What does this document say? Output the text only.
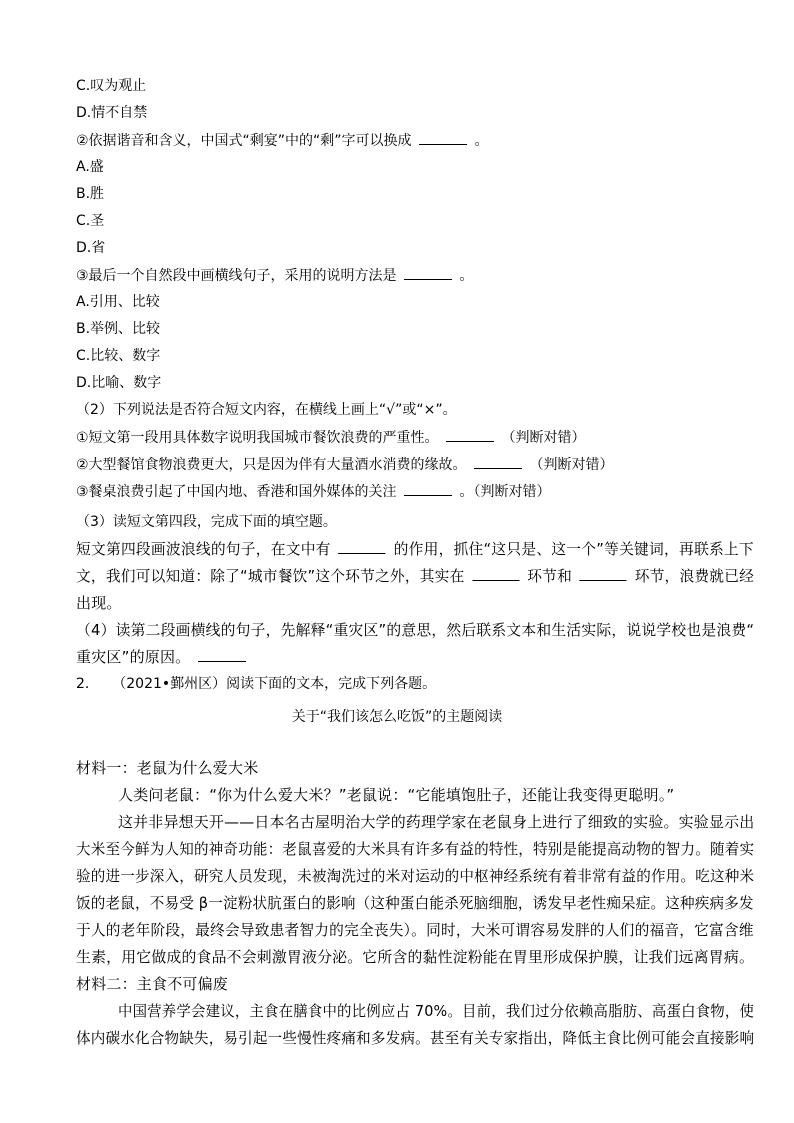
C.叹为观止
D.情不自禁
②依据谐音和含义，中国式“剩宴”中的“剩”字可以换成	。
A.盛
B.胜
C.圣
D.省
③最后一个自然段中画横线句子，采用的说明方法是	。
A.引用、比较
B.举例、比较
C.比较、数字
D.比喻、数字
（2）下列说法是否符合短文内容，在横线上画上“√”或“×”。
①短文第一段用具体数字说明我国城市餐饮浪费的严重性。	（判断对错）
②大型餐馆食物浪费更大，只是因为伴有大量酒水消费的缘故。	（判断对错）
③餐桌浪费引起了中国内地、香港和国外媒体的关注	。（判断对错）
（3）读短文第四段，完成下面的填空题。
短文第四段画波浪线的句子，在文中有	的作用，抓住“这只是、这一个”等关键词，再联系上下
文，我们可以知道：除了“城市餐饮”这个环节之外，其实在	环节和	环节，浪费就已经
出现。
（4）读第二段画横线的句子，先解释“重灾区”的意思，然后联系文本和生活实际，说说学校也是浪费“
重灾区”的原因。
2. （2021•鄞州区）阅读下面的文本，完成下列各题。
关于“我们该怎么吃饭”的主题阅读
材料一：老鼠为什么爱大米
人类问老鼠：“你为什么爱大米？”老鼠说：“它能填饱肚子，还能让我变得更聪明。”
这并非异想天开——日本名古屋明治大学的药理学家在老鼠身上进行了细致的实验。实验显示出
大米至今鲜为人知的神奇功能：老鼠喜爱的大米具有许多有益的特性，特别是能提高动物的智力。随着实
验的进一步深入，研究人员发现，未被淘洗过的米对运动的中枢神经系统有着非常有益的作用。吃这种米
饭的老鼠，不易受 β一淀粉状肮蛋白的影响（这种蛋白能杀死脑细胞，诱发早老性痴呆症。这种疾病多发
于人的老年阶段，最终会导致患者智力的完全丧失）。同时，大米可谓容易发胖的人们的福音，它富含维
生素，用它做成的食品不会刺激胃液分泌。它所含的黏性淀粉能在胃里形成保护膜，让我们远离胃病。
材料二：主食不可偏废
中国营养学会建议，主食在膳食中的比例应占 70%。目前，我们过分依赖高脂肪、高蛋白食物，使
体内碳水化合物缺失，易引起一些慢性疼痛和多发病。甚至有关专家指出，降低主食比例可能会直接影响
